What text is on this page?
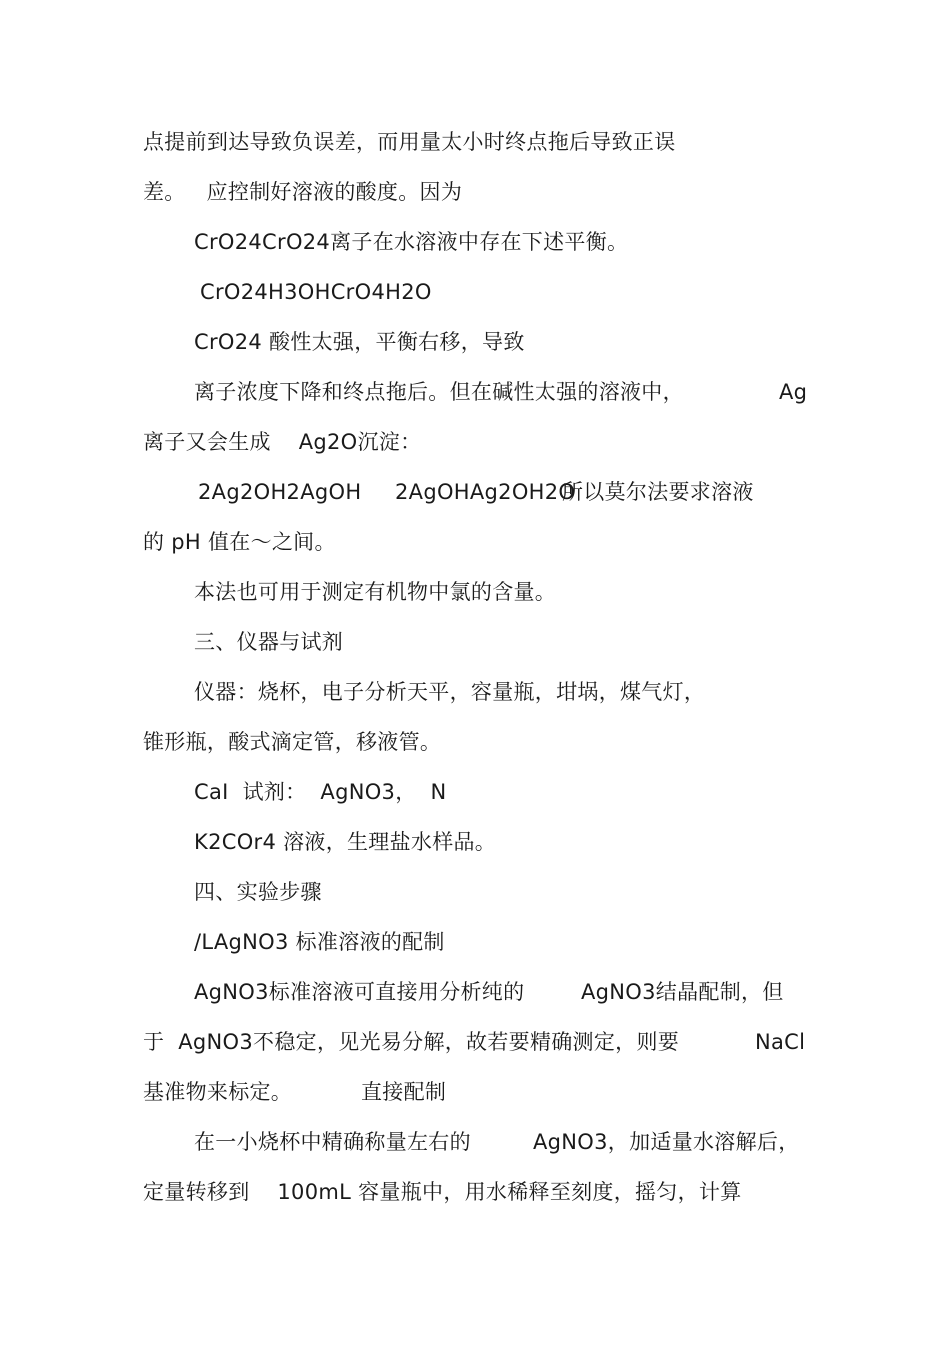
点提前到达导致负误差，而用量太小时终点拖后导致正误
差。   应控制好溶液的酸度。因为
CrO24CrO24离子在水溶液中存在下述平衡。
CrO24H3OHCrO4H2O
CrO24 酸性太强，平衡右移，导致
离子浓度下降和终点拖后。但在碱性太强的溶液中，	Ag
离子又会生成    Ag2O沉淀：
2Ag2OH2AgOH 2AgOHAg2OH2O
所以莫尔法要求溶液
的 pH 值在～之间。
本法也可用于测定有机物中氯的含量。
三、仪器与试剂
仪器：烧杯，电子分析天平，容量瓶，坩埚，煤气灯，
锥形瓶，酸式滴定管，移液管。
CaI  试剂：  AgNO3，  N
K2COr4 溶液，生理盐水样品。
四、实验步骤
/LAgNO3 标准溶液的配制
AgNO3标准溶液可直接用分析纯的	AgNO3结晶配制，但
于  AgNO3不稳定，见光易分解，故若要精确测定，则要	NaCl
基准物来标定。	直接配制
在一小烧杯中精确称量左右的	AgNO3，加适量水溶解后，
定量转移到    100mL 容量瓶中，用水稀释至刻度，摇匀，计算
